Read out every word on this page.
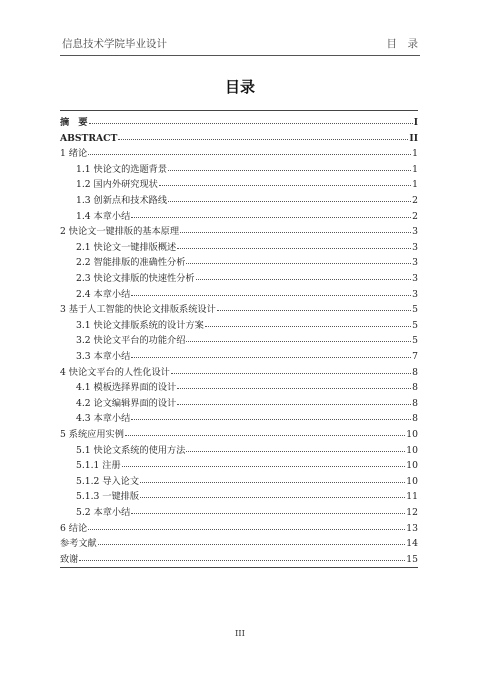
信息技术学院毕业设计	目　录
目录
摘　要	I
ABSTRACT	II
1 绪论	1
1.1 快论文的选题背景	1
1.2 国内外研究现状	1
1.3 创新点和技术路线	2
1.4 本章小结	2
2 快论文一键排版的基本原理	3
2.1 快论文一键排版概述	3
2.2 智能排版的准确性分析	3
2.3 快论文排版的快速性分析	3
2.4 本章小结	3
3 基于人工智能的快论文排版系统设计	5
3.1 快论文排版系统的设计方案	5
3.2 快论文平台的功能介绍	5
3.3 本章小结	7
4 快论文平台的人性化设计	8
4.1 模板选择界面的设计	8
4.2 论文编辑界面的设计	8
4.3 本章小结	8
5 系统应用实例	10
5.1 快论文系统的使用方法	10
5.1.1 注册	10
5.1.2 导入论文	10
5.1.3 一键排版	11
5.2 本章小结	12
6 结论	13
参考文献	14
致谢	15
III
